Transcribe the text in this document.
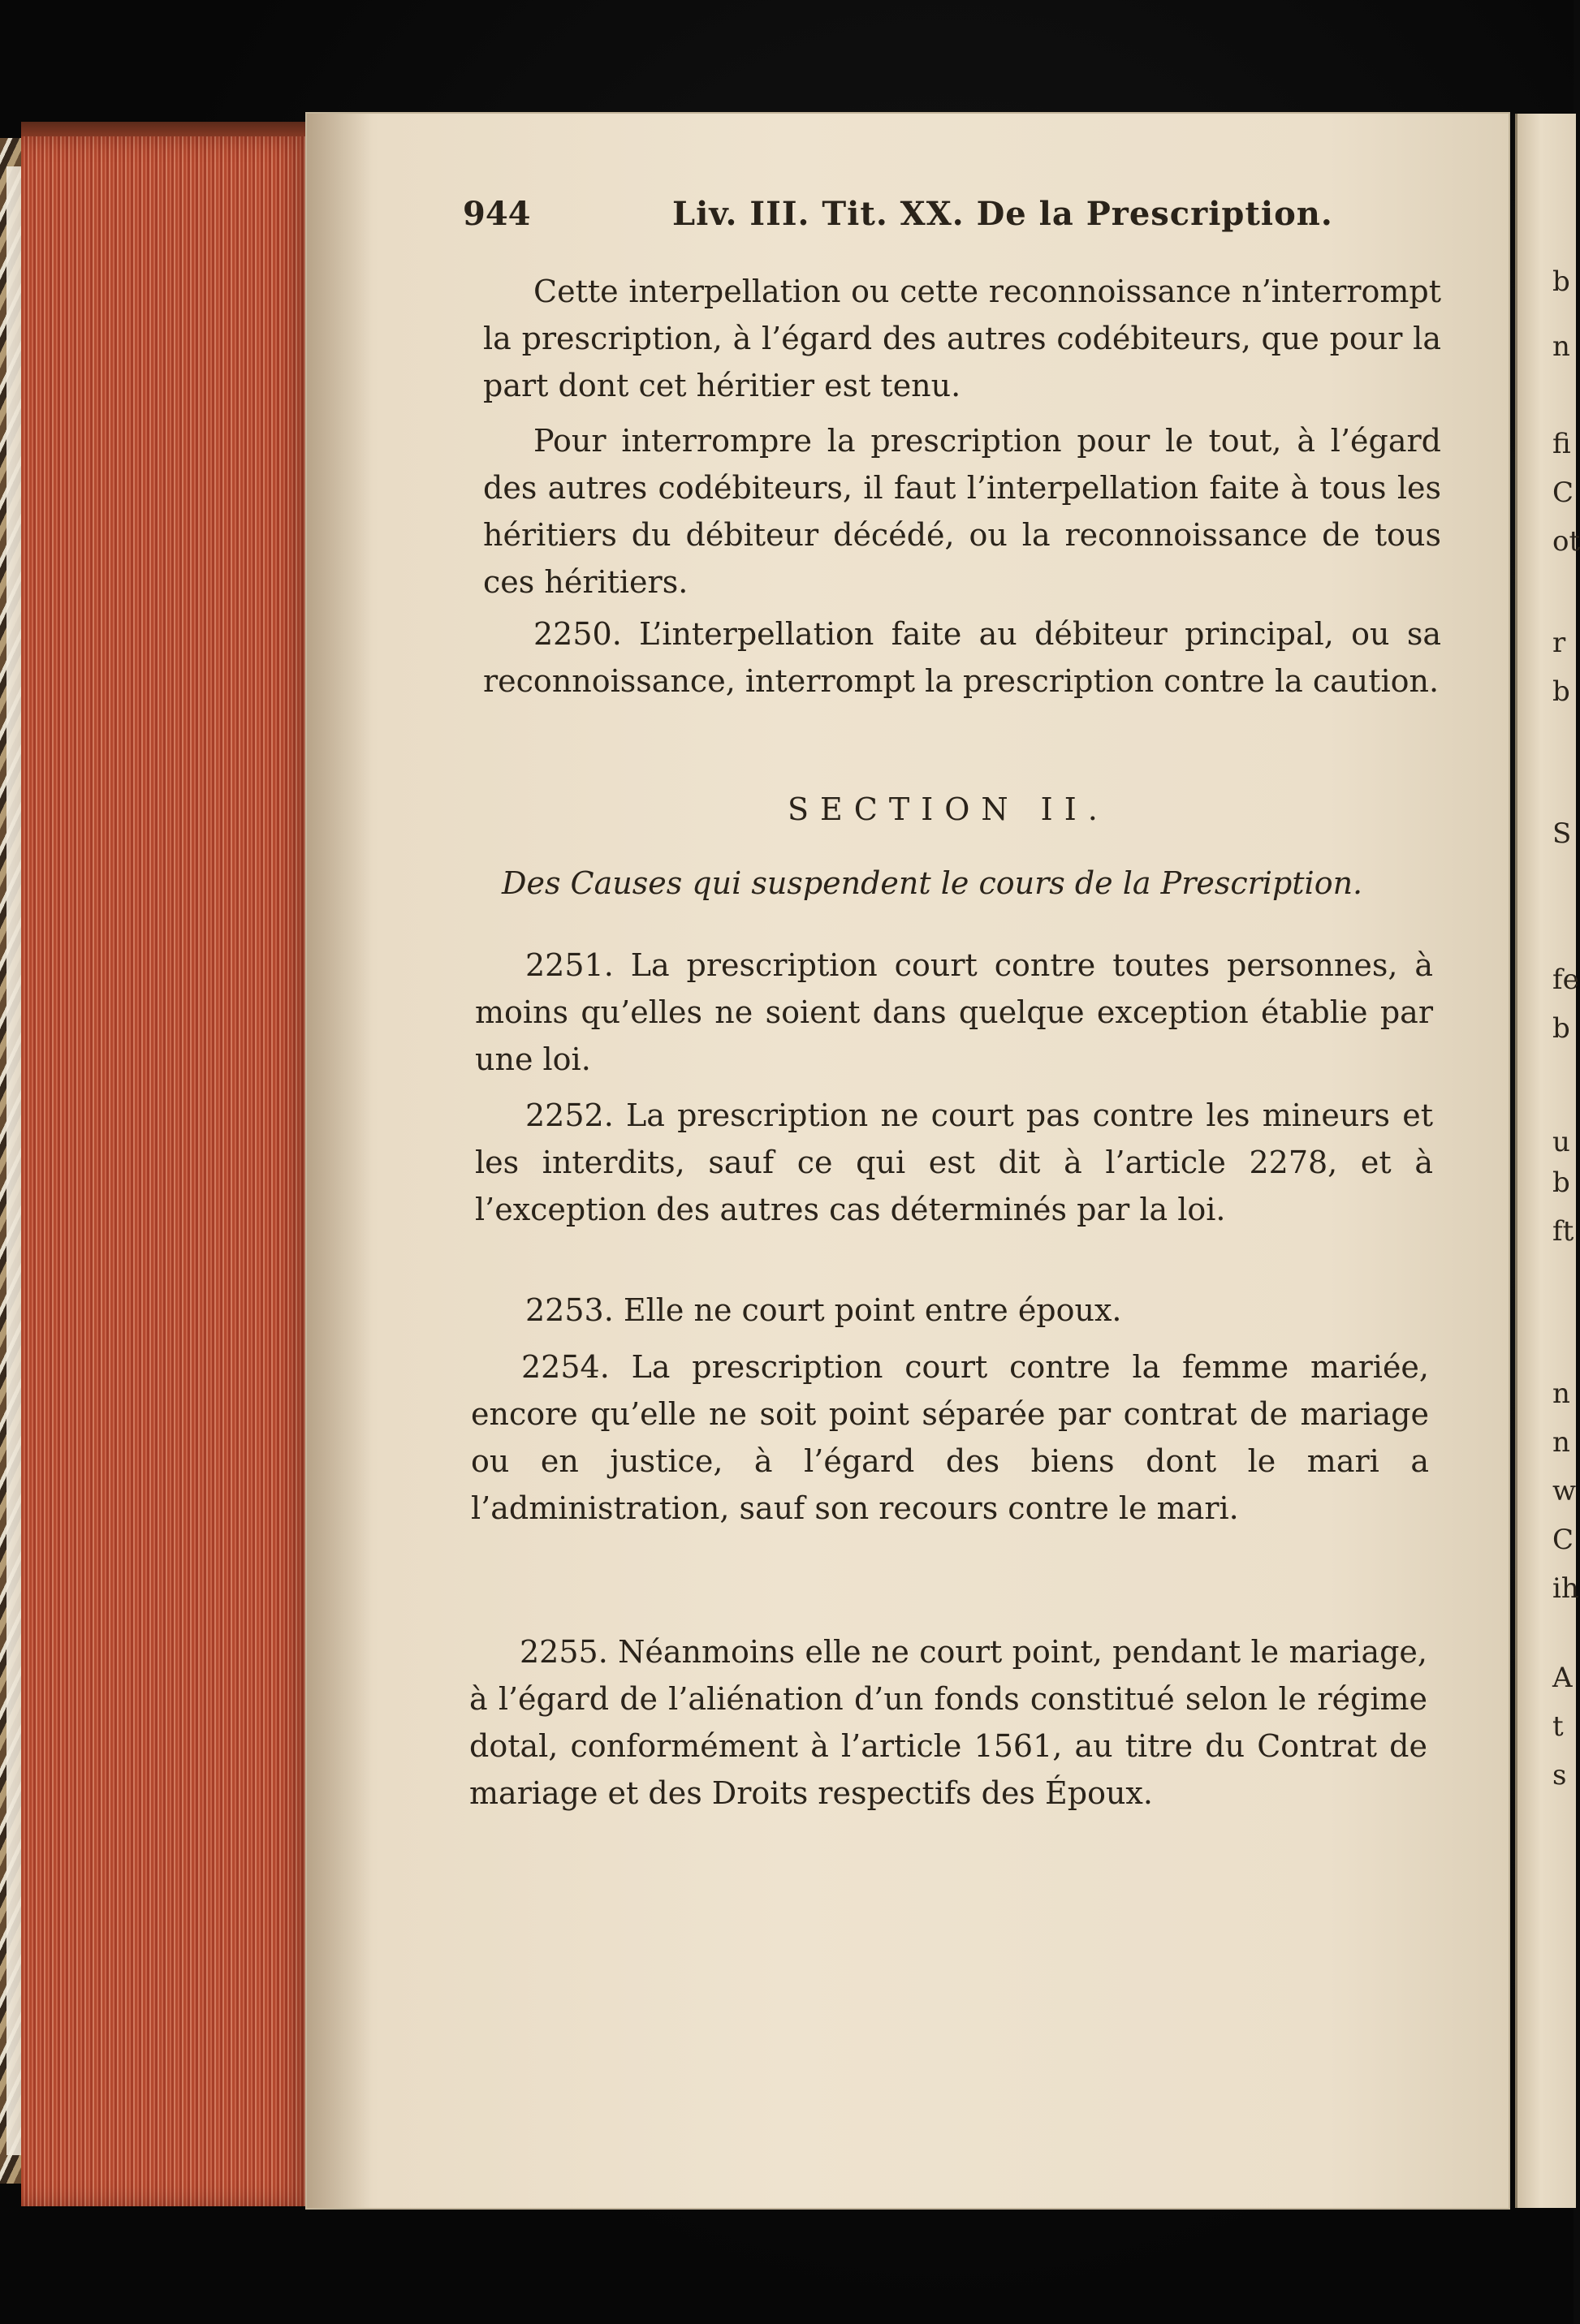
b
n
fi
C
ot
r
b
S
fe
b
u
b
ft
n
n
w
C
ih
A
t
s
944	Liv. III. Tit. XX. De la Prescription.
Cette interpellation ou cette reconnoissance n’interrompt la prescription, à l’égard des autres codébiteurs, que pour la part dont cet héritier est tenu.
Pour interrompre la prescription pour le tout, à l’égard des autres codébiteurs, il faut l’interpellation faite à tous les héritiers du débiteur décédé, ou la reconnoissance de tous ces héritiers.
2250. L’interpellation faite au débiteur principal, ou sa reconnoissance, interrompt la prescription contre la caution.
SECTION II.
Des Causes qui suspendent le cours de la Prescription.
2251. La prescription court contre toutes personnes, à moins qu’elles ne soient dans quelque exception établie par une loi.
2252. La prescription ne court pas contre les mineurs et les interdits, sauf ce qui est dit à l’article 2278, et à l’exception des autres cas déterminés par la loi.
2253. Elle ne court point entre époux.
2254. La prescription court contre la femme mariée, encore qu’elle ne soit point séparée par contrat de mariage ou en justice, à l’égard des biens dont le mari a l’administration, sauf son recours contre le mari.
2255. Néanmoins elle ne court point, pendant le mariage, à l’égard de l’aliénation d’un fonds constitué selon le régime dotal, conformément à l’article 1561, au titre du Contrat de mariage et des Droits respectifs des Époux.
